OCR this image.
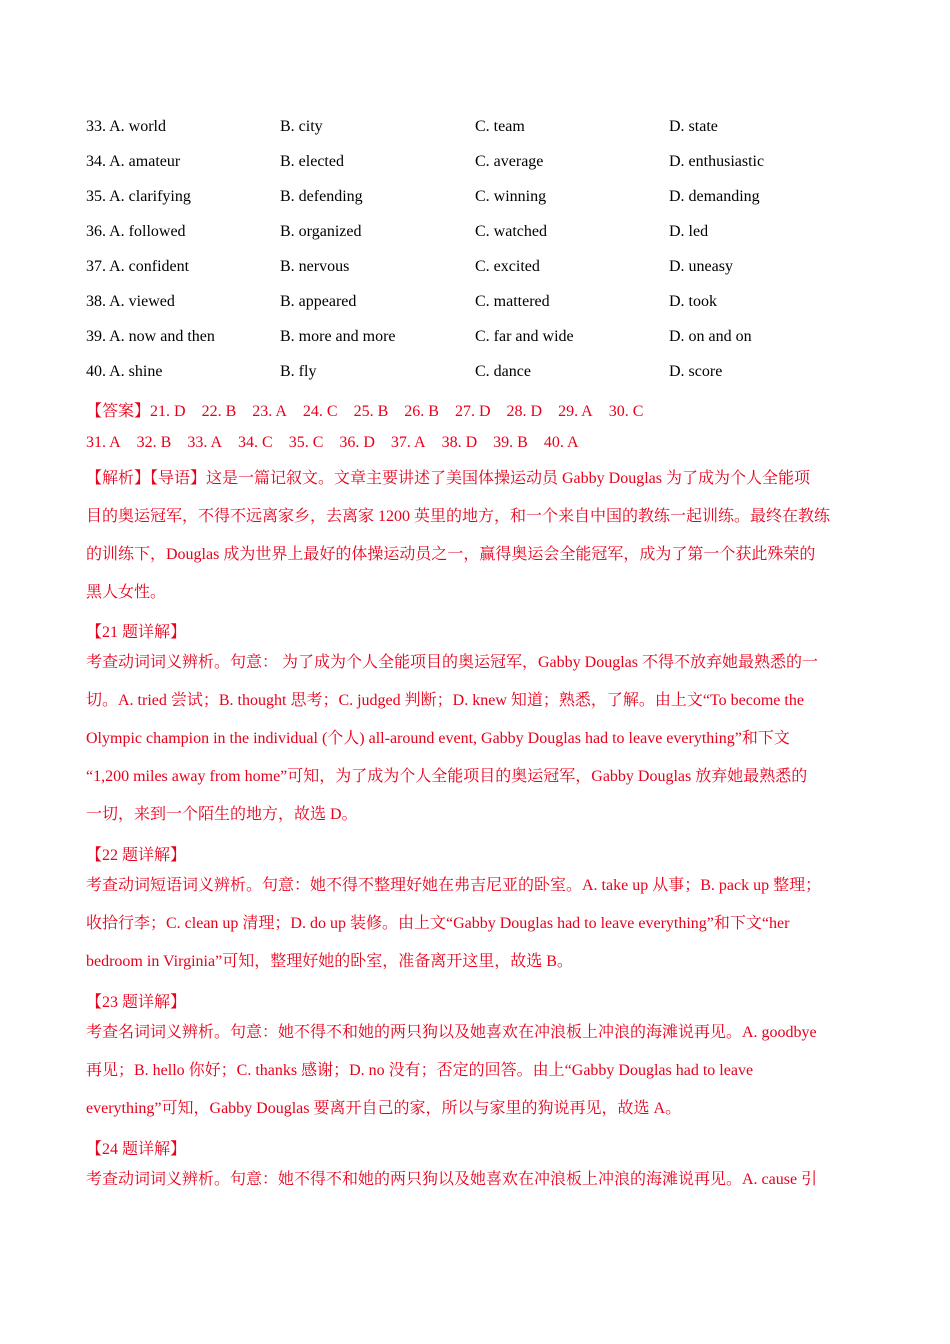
33. A. world	B. city	C. team	D. state
34. A. amateur	B. elected	C. average	D. enthusiastic
35. A. clarifying	B. defending	C. winning	D. demanding
36. A. followed	B. organized	C. watched	D. led
37. A. confident	B. nervous	C. excited	D. uneasy
38. A. viewed	B. appeared	C. mattered	D. took
39. A. now and then	B. more and more	C. far and wide	D. on and on
40. A. shine	B. fly	C. dance	D. score
【答案】21. D 22. B 23. A 24. C 25. B 26. B 27. D 28. D 29. A 30. C
31. A 32. B 33. A 34. C 35. C 36. D 37. A 38. D 39. B 40. A
【解析】【导语】这是一篇记叙文。文章主要讲述了美国体操运动员 Gabby Douglas 为了成为个人全能项
目的奥运冠军，不得不远离家乡，去离家 1200 英里的地方，和一个来自中国的教练一起训练。最终在教练
的训练下，Douglas 成为世界上最好的体操运动员之一，赢得奥运会全能冠军，成为了第一个获此殊荣的
黑人女性。
【21 题详解】
考查动词词义辨析。句意： 为了成为个人全能项目的奥运冠军，Gabby Douglas 不得不放弃她最熟悉的一
切。A. tried 尝试；B. thought 思考；C. judged 判断；D. knew 知道；熟悉，了解。由上文“To become the
Olympic champion in the individual (个人) all-around event, Gabby Douglas had to leave everything”和下文
“1,200 miles away from home”可知，为了成为个人全能项目的奥运冠军，Gabby Douglas 放弃她最熟悉的
一切，来到一个陌生的地方，故选 D。
【22 题详解】
考查动词短语词义辨析。句意：她不得不整理好她在弗吉尼亚的卧室。A. take up 从事；B. pack up 整理；
收拾行李；C. clean up 清理；D. do up 装修。由上文“Gabby Douglas had to leave everything”和下文“her
bedroom in Virginia”可知，整理好她的卧室，准备离开这里，故选 B。
【23 题详解】
考查名词词义辨析。句意：她不得不和她的两只狗以及她喜欢在冲浪板上冲浪的海滩说再见。A. goodbye
再见；B. hello 你好；C. thanks 感谢；D. no 没有；否定的回答。由上“Gabby Douglas had to leave
everything”可知，Gabby Douglas 要离开自己的家，所以与家里的狗说再见，故选 A。
【24 题详解】
考查动词词义辨析。句意：她不得不和她的两只狗以及她喜欢在冲浪板上冲浪的海滩说再见。A. cause 引
